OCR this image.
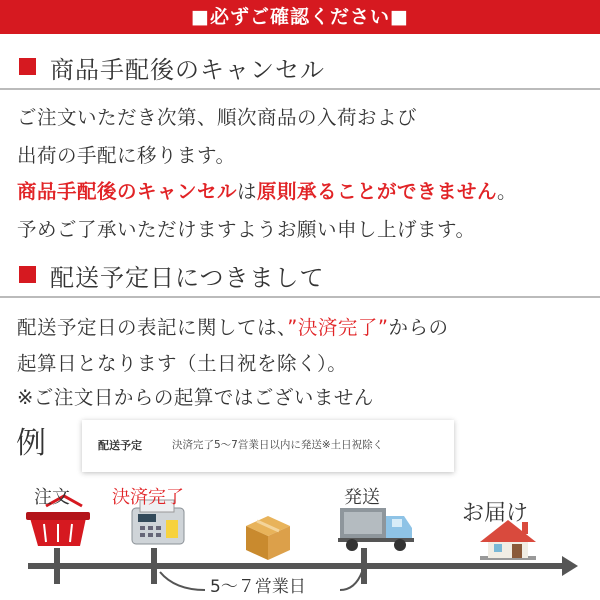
■必ずご確認ください■
商品手配後のキャンセル
ご注文いただき次第、順次商品の入荷および
出荷の手配に移ります。
商品手配後のキャンセルは原則承ることができません。
予めご了承いただけますようお願い申し上げます。
配送予定日につきまして
配送予定日の表記に関しては、”決済完了”からの
起算日となります（土日祝を除く）。
※ご注文日からの起算ではございません
例	配送予定	決済完了5～7営業日以内に発送※土日祝除く
注文 決済完了	発送
お届け
5～７営業日
